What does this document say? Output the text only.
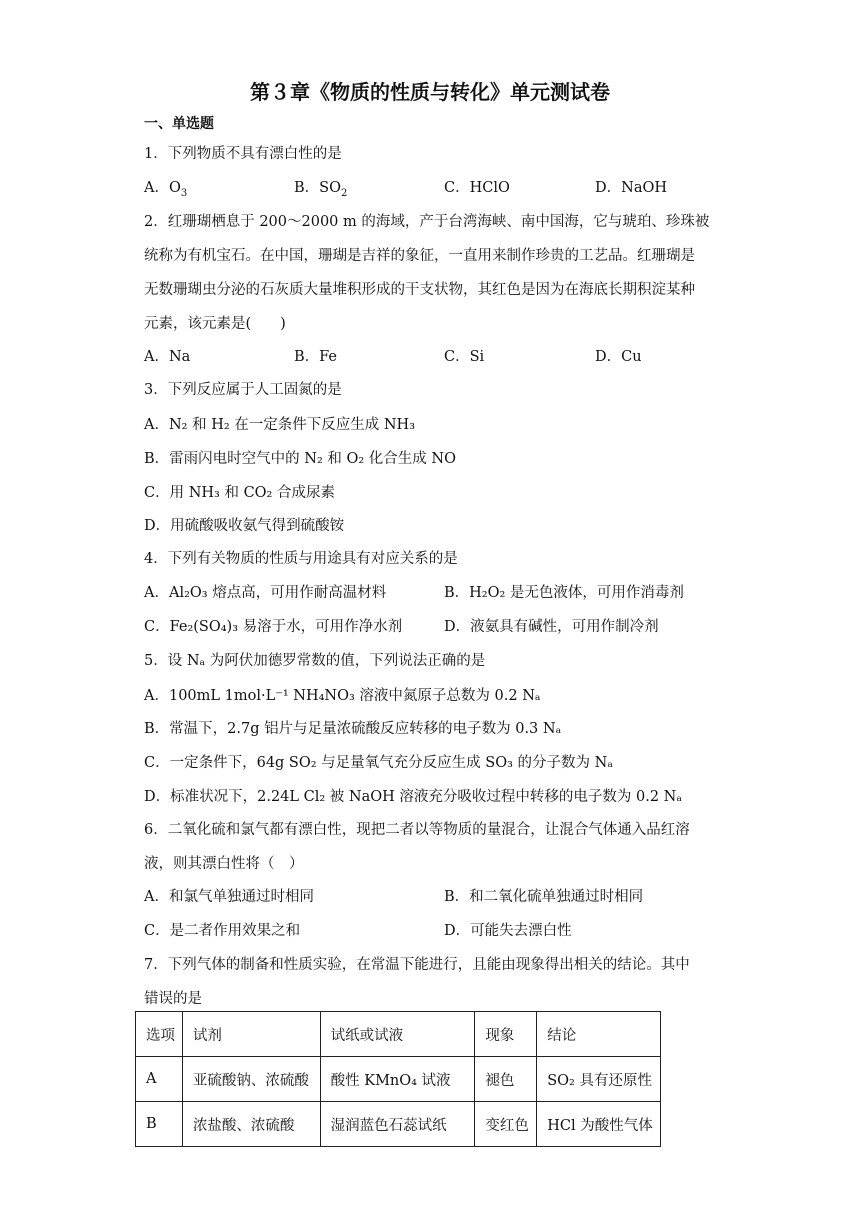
第３章《物质的性质与转化》单元测试卷
一、单选题
1．下列物质不具有漂白性的是
A．$O_3$	B．$SO_2$	C．HClO	D．NaOH
2．红珊瑚栖息于 200～2000 m 的海域，产于台湾海峡、南中国海，它与琥珀、珍珠被
统称为有机宝石。在中国，珊瑚是吉祥的象征，一直用来制作珍贵的工艺品。红珊瑚是
无数珊瑚虫分泌的石灰质大量堆积形成的干支状物，其红色是因为在海底长期积淀某种
元素，该元素是(　　)
A．Na	B．Fe	C．Si	D．Cu
3．下列反应属于人工固氮的是
A．N₂ 和 H₂ 在一定条件下反应生成 NH₃
B．雷雨闪电时空气中的 N₂ 和 O₂ 化合生成 NO
C．用 NH₃ 和 CO₂ 合成尿素
D．用硫酸吸收氨气得到硫酸铵
4．下列有关物质的性质与用途具有对应关系的是
A．Al₂O₃ 熔点高，可用作耐高温材料	B．H₂O₂ 是无色液体，可用作消毒剂
C．Fe₂(SO₄)₃ 易溶于水，可用作净水剂	D．液氨具有碱性，可用作制冷剂
5．设 Nₐ 为阿伏加德罗常数的值，下列说法正确的是
A．100mL 1mol·L⁻¹ NH₄NO₃ 溶液中氮原子总数为 0.2 Nₐ
B．常温下，2.7g 铝片与足量浓硫酸反应转移的电子数为 0.3 Nₐ
C．一定条件下，64g SO₂ 与足量氧气充分反应生成 SO₃ 的分子数为 Nₐ
D．标准状况下，2.24L Cl₂ 被 NaOH 溶液充分吸收过程中转移的电子数为 0.2 Nₐ
6．二氧化硫和氯气都有漂白性，现把二者以等物质的量混合，让混合气体通入品红溶
液，则其漂白性将（　）
A．和氯气单独通过时相同	B．和二氧化硫单独通过时相同
C．是二者作用效果之和	D．可能失去漂白性
7．下列气体的制备和性质实验，在常温下能进行，且能由现象得出相关的结论。其中
错误的是
选项	试剂	试纸或试液	现象	结论
A	亚硫酸钠、浓硫酸	酸性 KMnO₄ 试液	褪色	SO₂ 具有还原性
B	浓盐酸、浓硫酸	湿润蓝色石蕊试纸	变红色	HCl 为酸性气体
